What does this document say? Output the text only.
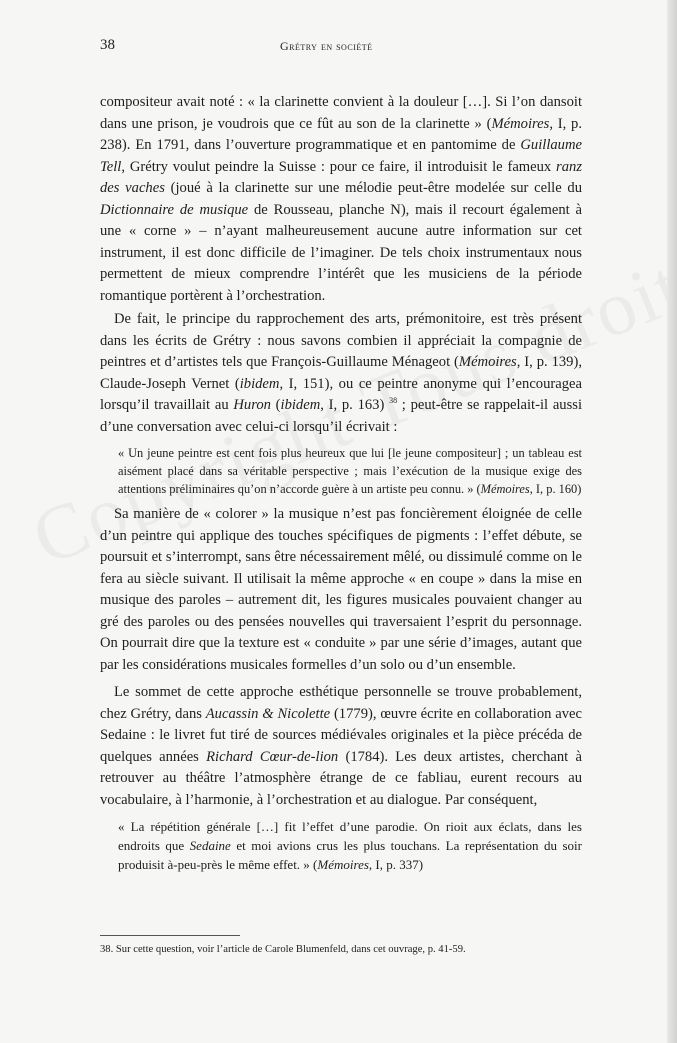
38	Grétry en société

compositeur avait noté : « la clarinette convient à la douleur […]. Si l’on dansoit dans une prison, je voudrois que ce fût au son de la clarinette » (Mémoires, I, p. 238). En 1791, dans l’ouverture programmatique et en pantomime de Guillaume Tell, Grétry voulut peindre la Suisse : pour ce faire, il introduisit le fameux ranz des vaches (joué à la clarinette sur une mélodie peut-être modelée sur celle du Dictionnaire de musique de Rousseau, planche N), mais il recourt également à une « corne » – n’ayant malheureusement aucune autre information sur cet instrument, il est donc difficile de l’imaginer. De tels choix instrumentaux nous permettent de mieux comprendre l’intérêt que les musiciens de la période romantique portèrent à l’orchestration.

De fait, le principe du rapprochement des arts, prémonitoire, est très présent dans les écrits de Grétry : nous savons combien il appréciait la compagnie de peintres et d’artistes tels que François-Guillaume Ménageot (Mémoires, I, p. 139), Claude-Joseph Vernet (ibidem, I, 151), ou ce peintre anonyme qui l’encouragea lorsqu’il travaillait au Huron (ibidem, I, p. 163) $^{38}$ ; peut-être se rappelait-il aussi d’une conversation avec celui-ci lorsqu’il écrivait :

« Un jeune peintre est cent fois plus heureux que lui [le jeune compositeur] ; un tableau est aisément placé dans sa véritable perspective ; mais l’exécution de la musique exige des attentions préliminaires qu’on n’accorde guère à un artiste peu connu. » (Mémoires, I, p. 160)

Sa manière de « colorer » la musique n’est pas foncièrement éloignée de celle d’un peintre qui applique des touches spécifiques de pigments : l’effet débute, se poursuit et s’interrompt, sans être nécessairement mêlé, ou dissimulé comme on le fera au siècle suivant. Il utilisait la même approche « en coupe » dans la mise en musique des paroles – autrement dit, les figures musicales pouvaient changer au gré des paroles ou des pensées nouvelles qui traversaient l’esprit du personnage. On pourrait dire que la texture est « conduite » par une série d’images, autant que par les considérations musicales formelles d’un solo ou d’un ensemble.

Le sommet de cette approche esthétique personnelle se trouve probablement, chez Grétry, dans Aucassin & Nicolette (1779), œuvre écrite en collaboration avec Sedaine : le livret fut tiré de sources médiévales originales et la pièce précéda de quelques années Richard Cœur-de-lion (1784). Les deux artistes, cherchant à retrouver au théâtre l’atmosphère étrange de ce fabliau, eurent recours au vocabulaire, à l’harmonie, à l’orchestration et au dialogue. Par conséquent,

« La répétition générale […] fit l’effet d’une parodie. On rioit aux éclats, dans les endroits que Sedaine et moi avions crus les plus touchans. La représentation du soir produisit à-peu-près le même effet. » (Mémoires, I, p. 337)
38. Sur cette question, voir l’article de Carole Blumenfeld, dans cet ouvrage, p. 41-59.
